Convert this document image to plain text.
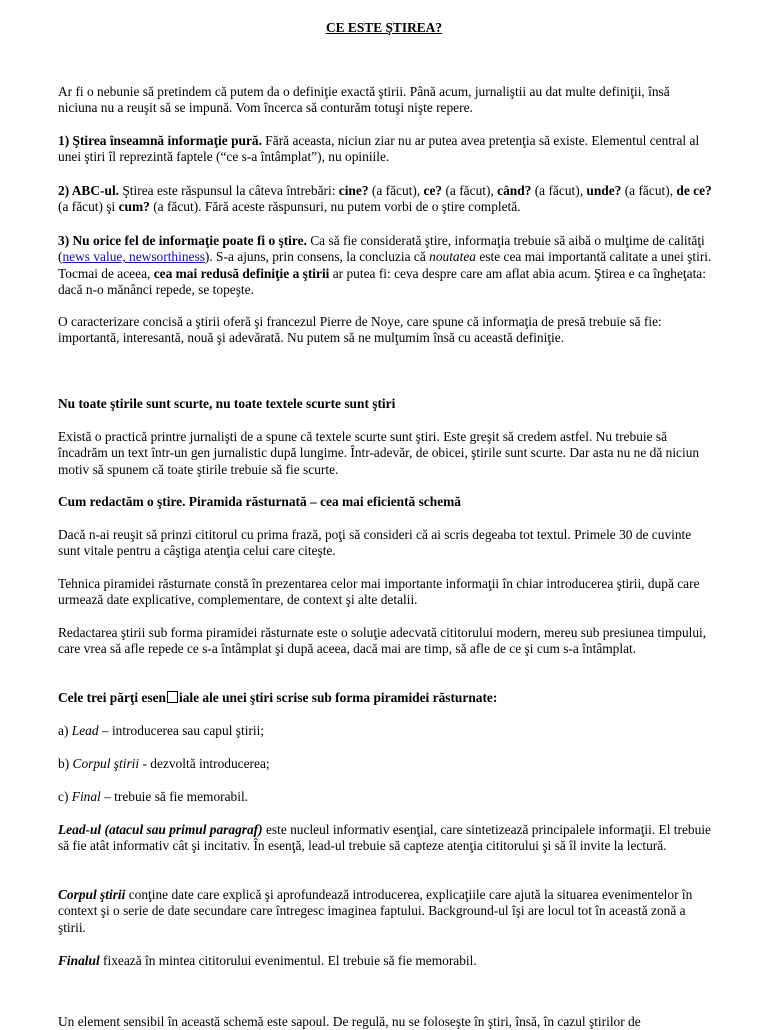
CE ESTE ŞTIREA?

Ar fi o nebunie să pretindem că putem da o definiţie exactă ştirii. Până acum, jurnaliştii au dat multe definiţii, însă niciuna nu a reuşit să se impună. Vom încerca să conturăm totuşi nişte repere.

1) Ştirea înseamnă informaţie pură. Fără aceasta, niciun ziar nu ar putea avea pretenţia să existe. Elementul central al unei ştiri îl reprezintă faptele (“ce s-a întâmplat”), nu opiniile.

2) ABC-ul. Ştirea este răspunsul la câteva întrebări: cine? (a făcut), ce? (a făcut), când? (a făcut), unde? (a făcut), de ce? (a făcut) şi cum? (a făcut). Fără aceste răspunsuri, nu putem vorbi de o ştire completă.

3) Nu orice fel de informaţie poate fi o ştire. Ca să fie considerată ştire, informaţia trebuie să aibă o mulţime de calităţi (news value, newsorthiness). S-a ajuns, prin consens, la concluzia că noutatea este cea mai importantă calitate a unei ştiri. Tocmai de aceea, cea mai redusă definiţie a ştirii ar putea fi: ceva despre care am aflat abia acum. Ştirea e ca îngheţata: dacă n-o mănânci repede, se topeşte.

O caracterizare concisă a ştirii oferă şi francezul Pierre de Noye, care spune că informaţia de presă trebuie să fie: importantă, interesantă, nouă şi adevărată. Nu putem să ne mulţumim însă cu această definiţie.

Nu toate ştirile sunt scurte, nu toate textele scurte sunt ştiri

Există o practică printre jurnalişti de a spune că textele scurte sunt ştiri. Este greşit să credem astfel. Nu trebuie să încadrăm un text într-un gen jurnalistic după lungime. Într-adevăr, de obicei, ştirile sunt scurte. Dar asta nu ne dă niciun motiv să spunem că toate ştirile trebuie să fie scurte.

Cum redactăm o ştire. Piramida răsturnată – cea mai eficientă schemă

Dacă n-ai reuşit să prinzi cititorul cu prima frază, poţi să consideri că ai scris degeaba tot textul. Primele 30 de cuvinte sunt vitale pentru a câştiga atenţia celui care citeşte.

Tehnica piramidei răsturnate constă în prezentarea celor mai importante informaţii în chiar introducerea ştirii, după care urmează date explicative, complementare, de context şi alte detalii.

Redactarea ştirii sub forma piramidei răsturnate este o soluţie adecvată cititorului modern, mereu sub presiunea timpului, care vrea să afle repede ce s-a întâmplat şi după aceea, dacă mai are timp, să afle de ce şi cum s-a întâmplat.

Cele trei părţi esen iale ale unei ştiri scrise sub forma piramidei răsturnate:

a) Lead – introducerea sau capul ştirii;

b) Corpul ştirii - dezvoltă introducerea;

c) Final – trebuie să fie memorabil.

Lead-ul (atacul sau primul paragraf) este nucleul informativ esenţial, care sintetizează principalele informaţii. El trebuie să fie atât informativ cât şi incitativ. În esenţă, lead-ul trebuie să capteze atenţia cititorului şi să îl invite la lectură.

Corpul ştirii conţine date care explică şi aprofundează introducerea, explicaţiile care ajută la situarea evenimentelor în context şi o serie de date secundare care întregesc imaginea faptului. Background-ul îşi are locul tot în această zonă a ştirii.

Finalul fixează în mintea cititorului evenimentul. El trebuie să fie memorabil.

Un element sensibil în această schemă este sapoul. De regulă, nu se foloseşte în ştiri, însă, în cazul ştirilor de
